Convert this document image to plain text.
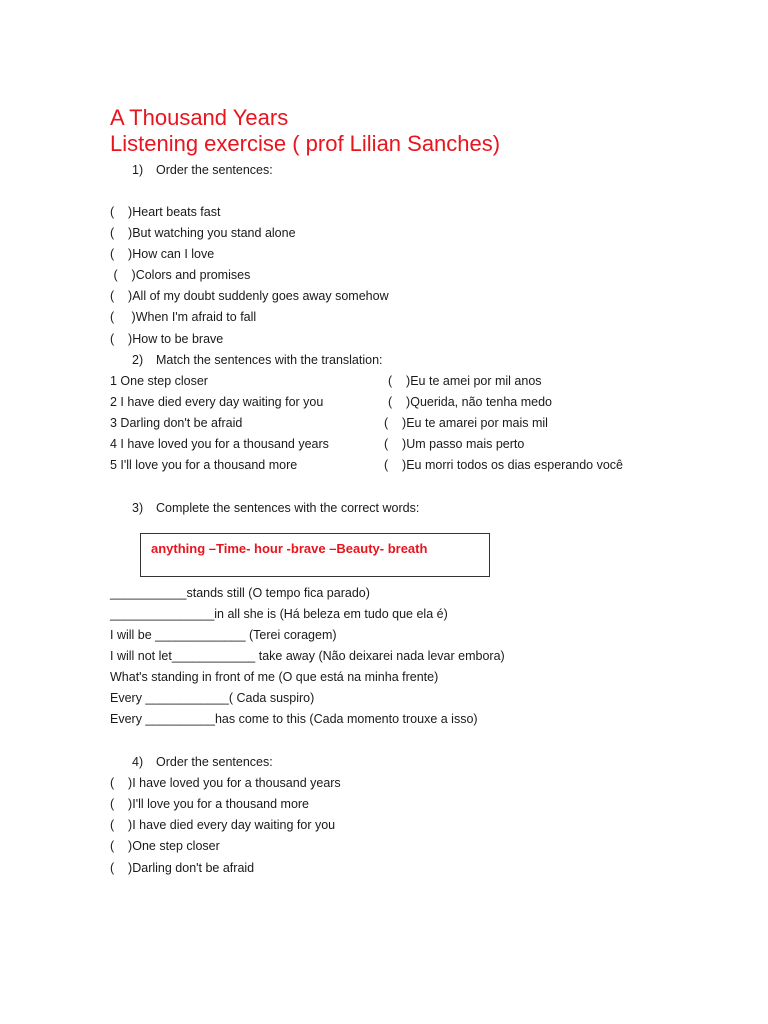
A Thousand Years
Listening exercise ( prof Lilian Sanches)
1) Order the sentences:
(    )Heart beats fast
(    )But watching you stand alone
(    )How can I love
(    )Colors and promises
(    )All of my doubt suddenly goes away somehow
(     )When I'm afraid to fall
(    )How to be brave
2) Match the sentences with the translation:
1 One step closer	(    )Eu te amei por mil anos
2 I have died every day waiting for you	(    )Querida, não tenha medo
3 Darling don't be afraid	(    )Eu te amarei por mais mil
4 I have loved you for a thousand years	(    )Um passo mais perto
5 I'll love you for a thousand more	(    )Eu morri todos os dias esperando você
3) Complete the sentences with the correct words:
anything –Time- hour -brave –Beauty- breath
___________stands still (O tempo fica parado)
_______________in all she is (Há beleza em tudo que ela é)
I will be _____________ (Terei coragem)
I will not let____________ take away (Não deixarei nada levar embora)
What's standing in front of me (O que está na minha frente)
Every ____________( Cada suspiro)
Every __________has come to this (Cada momento trouxe a isso)
4) Order the sentences:
(    )I have loved you for a thousand years
(    )I'll love you for a thousand more
(    )I have died every day waiting for you
(    )One step closer
(    )Darling don't be afraid
